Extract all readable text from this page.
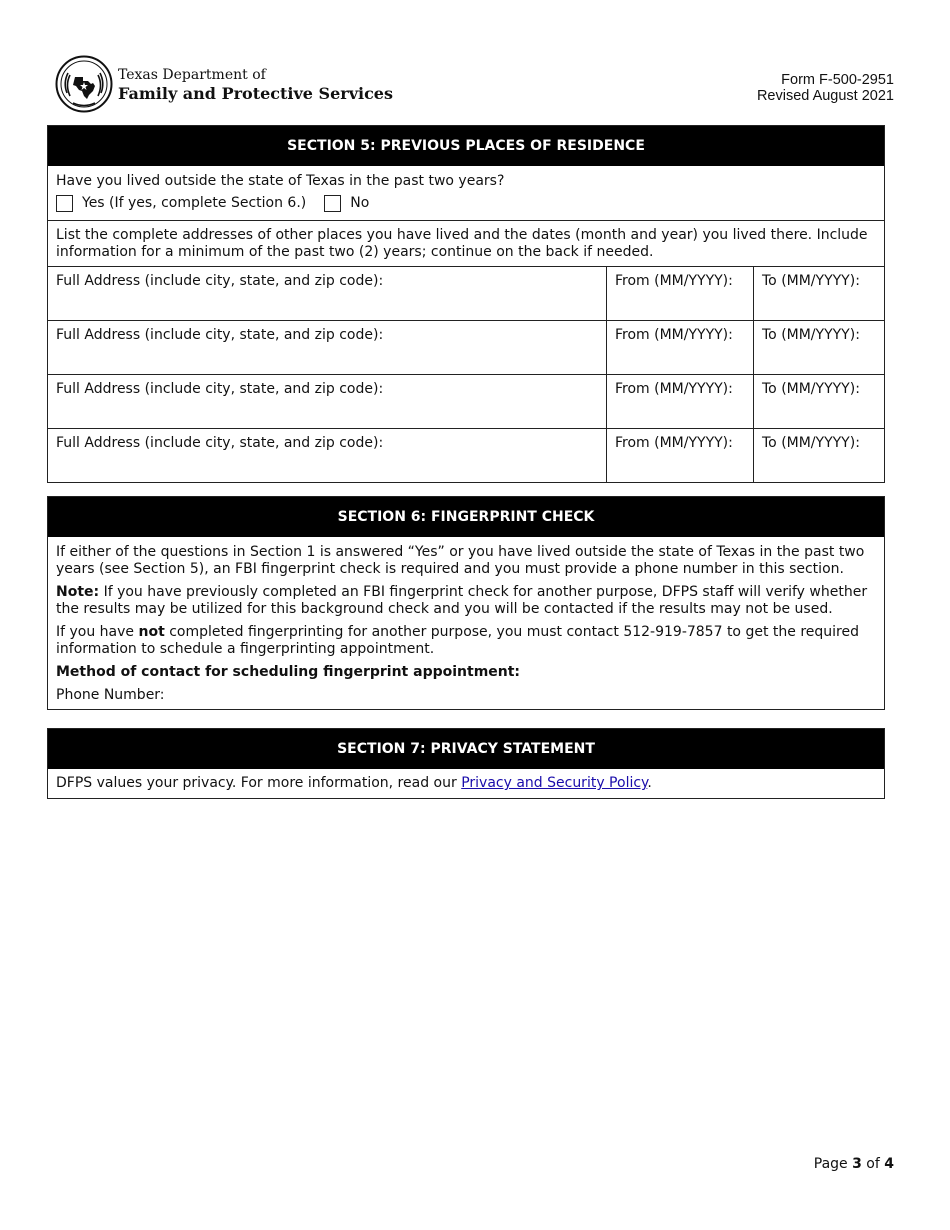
Texas Department of
Family and Protective Services
Form F-500-2951
Revised August 2021
SECTION 5: PREVIOUS PLACES OF RESIDENCE
Have you lived outside the state of Texas in the past two years?
Yes (If yes, complete Section 6.)	No
List the complete addresses of other places you have lived and the dates (month and year) you lived there. Include information for a minimum of the past two (2) years; continue on the back if needed.
Full Address (include city, state, and zip code):	From (MM/YYYY):	To (MM/YYYY):
Full Address (include city, state, and zip code):	From (MM/YYYY):	To (MM/YYYY):
Full Address (include city, state, and zip code):	From (MM/YYYY):	To (MM/YYYY):
Full Address (include city, state, and zip code):	From (MM/YYYY):	To (MM/YYYY):
SECTION 6: FINGERPRINT CHECK

If either of the questions in Section 1 is answered “Yes” or you have lived outside the state of Texas in the past two years (see Section 5), an FBI fingerprint check is required and you must provide a phone number in this section.

Note: If you have previously completed an FBI fingerprint check for another purpose, DFPS staff will verify whether the results may be utilized for this background check and you will be contacted if the results may not be used.

If you have not completed fingerprinting for another purpose, you must contact 512-919-7857 to get the required information to schedule a fingerprinting appointment.

Method of contact for scheduling fingerprint appointment:

Phone Number:

SECTION 7: PRIVACY STATEMENT
DFPS values your privacy. For more information, read our Privacy and Security Policy.
Page 3 of 4
